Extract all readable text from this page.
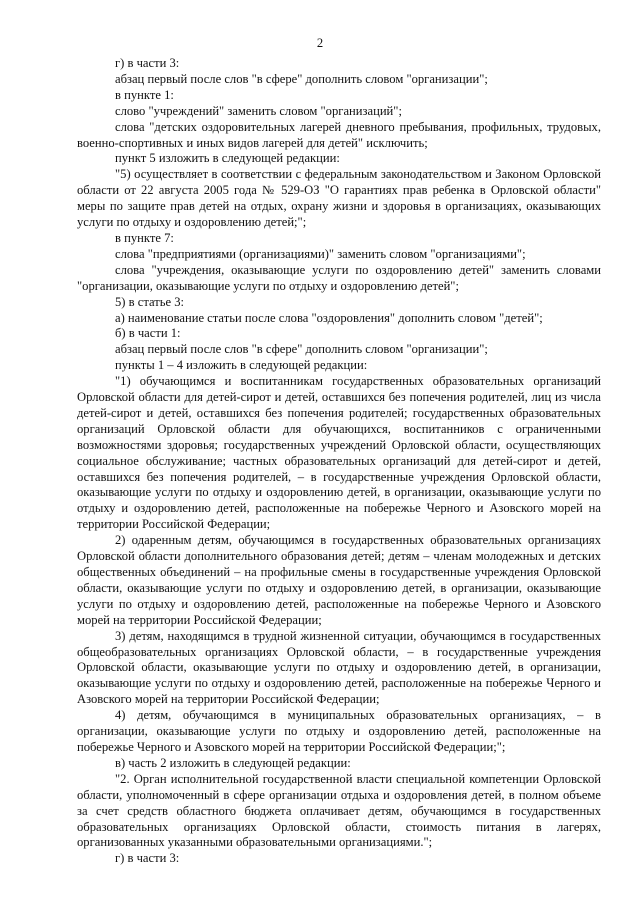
2

г) в части 3:

абзац первый после слов "в сфере" дополнить словом "организации";

в пункте 1:

слово "учреждений" заменить словом "организаций";

слова "детских оздоровительных лагерей дневного пребывания, профильных, трудовых, военно-спортивных и иных видов лагерей для детей" исключить;

пункт 5 изложить в следующей редакции:

"5) осуществляет в соответствии с федеральным законодательством и Законом Орловской области от 22 августа 2005 года № 529-ОЗ "О гарантиях прав ребенка в Орловской области" меры по защите прав детей на отдых, охрану жизни и здоровья в организациях, оказывающих услуги по отдыху и оздоровлению детей;";

в пункте 7:

слова "предприятиями (организациями)" заменить словом "организациями";

слова "учреждения, оказывающие услуги по оздоровлению детей" заменить словами "организации, оказывающие услуги по отдыху и оздоровлению детей";

5) в статье 3:

а) наименование статьи после слова "оздоровления" дополнить словом "детей";

б) в части 1:

абзац первый после слов "в сфере" дополнить словом "организации";

пункты 1 – 4 изложить в следующей редакции:

"1) обучающимся и воспитанникам государственных образовательных организаций Орловской области для детей-сирот и детей, оставшихся без попечения родителей, лиц из числа детей-сирот и детей, оставшихся без попечения родителей; государственных образовательных организаций Орловской области для обучающихся, воспитанников с ограниченными возможностями здоровья; государственных учреждений Орловской области, осуществляющих социальное обслуживание; частных образовательных организаций для детей-сирот и детей, оставшихся без попечения родителей, – в государственные учреждения Орловской области, оказывающие услуги по отдыху и оздоровлению детей, в организации, оказывающие услуги по отдыху и оздоровлению детей, расположенные на побережье Черного и Азовского морей на территории Российской Федерации;

2) одаренным детям, обучающимся в государственных образовательных организациях Орловской области дополнительного образования детей; детям – членам молодежных и детских общественных объединений – на профильные смены в государственные учреждения Орловской области, оказывающие услуги по отдыху и оздоровлению детей, в организации, оказывающие услуги по отдыху и оздоровлению детей, расположенные на побережье Черного и Азовского морей на территории Российской Федерации;

3) детям, находящимся в трудной жизненной ситуации, обучающимся в государственных общеобразовательных организациях Орловской области, – в государственные учреждения Орловской области, оказывающие услуги по отдыху и оздоровлению детей, в организации, оказывающие услуги по отдыху и оздоровлению детей, расположенные на побережье Черного и Азовского морей на территории Российской Федерации;

4) детям, обучающимся в муниципальных образовательных организациях, – в организации, оказывающие услуги по отдыху и оздоровлению детей, расположенные на побережье Черного и Азовского морей на территории Российской Федерации;";

в) часть 2 изложить в следующей редакции:

"2. Орган исполнительной государственной власти специальной компетенции Орловской области, уполномоченный в сфере организации отдыха и оздоровления детей, в полном объеме за счет средств областного бюджета оплачивает детям, обучающимся в государственных образовательных организациях Орловской области, стоимость питания в лагерях, организованных указанными образовательными организациями.";

г) в части 3:
